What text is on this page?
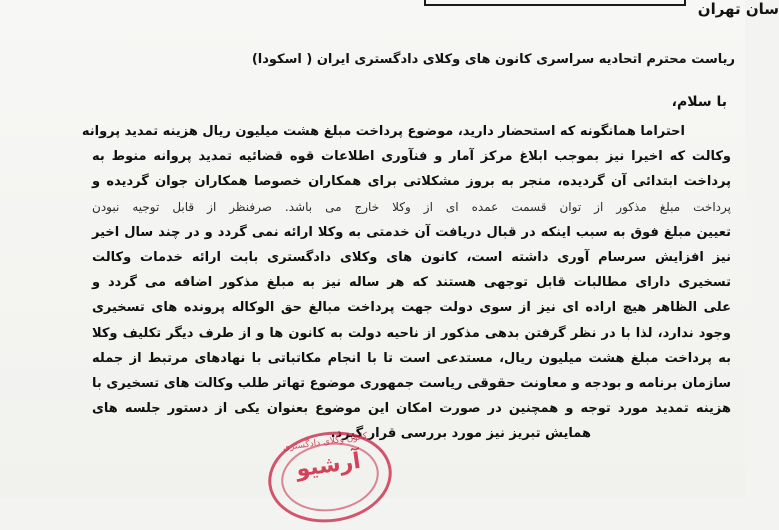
سان تهران
ریاست محترم اتحادیه سراسری کانون های وکلای دادگستری ایران ( اسکودا)
با سلام،
احتراما همانگونه که استحضار دارید، موضوع پرداخت مبلغ هشت میلیون ریال هزینه تمدید پروانه
وکالت که اخیرا نیز بموجب ابلاغ مرکز آمار و فنآوری اطلاعات قوه قضائیه تمدید پروانه منوط به
پرداخت ابتدائی آن گردیده، منجر به بروز مشکلاتی برای همکاران خصوصا همکاران جوان گردیده و
پرداخت مبلغ مذکور از توان قسمت عمده ای از وکلا خارج می باشد. صرفنظر از قابل توجیه نبودن
تعیین مبلغ فوق به سبب اینکه در قبال دریافت آن خدمتی به وکلا ارائه نمی گردد و در چند سال اخیر
نیز افزایش سرسام آوری داشته است، کانون های وکلای دادگستری بابت ارائه خدمات وکالت
تسخیری دارای مطالبات قابل توجهی هستند که هر ساله نیز به مبلغ مذکور اضافه می گردد و
علی الظاهر هیچ اراده ای نیز از سوی دولت جهت پرداخت مبالغ حق الوکاله پرونده های تسخیری
وجود ندارد، لذا با در نظر گرفتن بدهی مذکور از ناحیه دولت به کانون ها و از طرف دیگر تکلیف وکلا
به پرداخت مبلغ هشت میلیون ریال، مستدعی است تا با انجام مکاتباتی با نهادهای مرتبط از جمله
سازمان برنامه و بودجه و معاونت حقوقی ریاست جمهوری موضوع تهاتر طلب وکالت های تسخیری با
هزینه تمدید مورد توجه و همچنین در صورت امکان این موضوع بعنوان یکی از دستور جلسه های
همایش تبریز نیز مورد بررسی قرار گیرد.
کانون وکلای دادگستری
آرشیو
